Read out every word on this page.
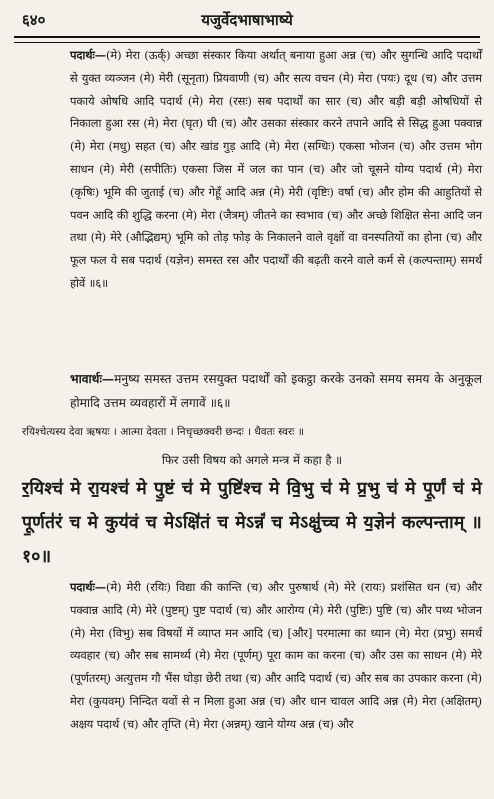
६४०	यजुर्वेदभाषाभाष्ये

पदार्थः—(मे) मेरा (ऊर्क्) अच्छा संस्कार किया अर्थात् बनाया हुआ अन्न (च) और सुगन्धि आदि पदार्थों से युक्त व्यञ्जन (मे) मेरी (सूनृता) प्रियवाणी (च) और सत्य वचन (मे) मेरा (पयः) दूध (च) और उत्तम पकाये ओषधि आदि पदार्थ (मे) मेरा (रसः) सब पदार्थों का सार (च) और बड़ी बड़ी ओषधियों से निकाला हुआ रस (मे) मेरा (घृत) घी (च) और उसका संस्कार करने तपाने आदि से सिद्ध हुआ पक्वान्न (मे) मेरा (मधु) सहत (च) और खांड गुड़ आदि (मे) मेरा (सग्धिः) एकसा भोजन (च) और उत्तम भोग साधन (मे) मेरी (सपीतिः) एकसा जिस में जल का पान (च) और जो चूसने योग्य पदार्थ (मे) मेरा (कृषिः) भूमि की जुताई (च) और गेहूँ आदि अन्न (मे) मेरी (वृष्टिः) वर्षा (च) और होम की आहुतियों से पवन आदि की शुद्धि करना (मे) मेरा (जैत्रम्) जीतने का स्वभाव (च) और अच्छे शिक्षित सेना आदि जन तथा (मे) मेरे (औद्भिद्यम्) भूमि को तोड़ फोड़ के निकालने वाले वृक्षों वा वनस्पतियों का होना (च) और फूल फल ये सब पदार्थ (यज्ञेन) समस्त रस और पदार्थों की बढ़ती करने वाले कर्म से (कल्पन्ताम्) समर्थ होवें ॥६॥

भावार्थः—मनुष्य समस्त उत्तम रसयुक्त पदार्थों को इकट्ठा करके उनको समय समय के अनुकूल होमादि उत्तम व्यवहारों में लगावें ॥६॥

रयिश्चेत्यस्य देवा ऋषयः । आत्मा देवता । निचृच्छक्वरी छन्दः । धैवतः स्वरः ॥

फिर उसी विषय को अगले मन्त्र में कहा है ॥

र॒यिश्च॑ मे रा॒यश्च॑ मे पु॒ष्टं च॑ मे पुष्टि॑श्च मे वि॒भु च॑ मे प्र॒भु च॑ मे पू॒र्णं च॑ मे पू॒र्णत॑रं च मे कुय॑वं च मेऽक्षि॑तं च मेऽन्नं॑ च मेऽक्षु॑च्च मे य॒ज्ञेन॑ कल्पन्ताम् ॥१०॥

पदार्थः—(मे) मेरी (रयिः) विद्या की कान्ति (च) और पुरुषार्थ (मे) मेरे (रायः) प्रशंसित धन (च) और पक्वान्न आदि (मे) मेरे (पुष्टम्) पुष्ट पदार्थ (च) और आरोग्य (मे) मेरी (पुष्टिः) पुष्टि (च) और पथ्य भोजन (मे) मेरा (विभु) सब विषयों में व्याप्त मन आदि (च) [और] परमात्मा का ध्यान (मे) मेरा (प्रभु) समर्थ व्यवहार (च) और सब सामर्थ्य (मे) मेरा (पूर्णम्) पूरा काम का करना (च) और उस का साधन (मे) मेरे (पूर्णतरम्) अत्युत्तम गौ भैंस घोड़ा छेरी तथा (च) और आदि पदार्थ (च) और सब का उपकार करना (मे) मेरा (कुयवम्) निन्दित यवों से न मिला हुआ अन्न (च) और धान चावल आदि अन्न (मे) मेरा (अक्षितम्) अक्षय पदार्थ (च) और तृप्ति (मे) मेरा (अन्नम्) खाने योग्य अन्न (च) और
